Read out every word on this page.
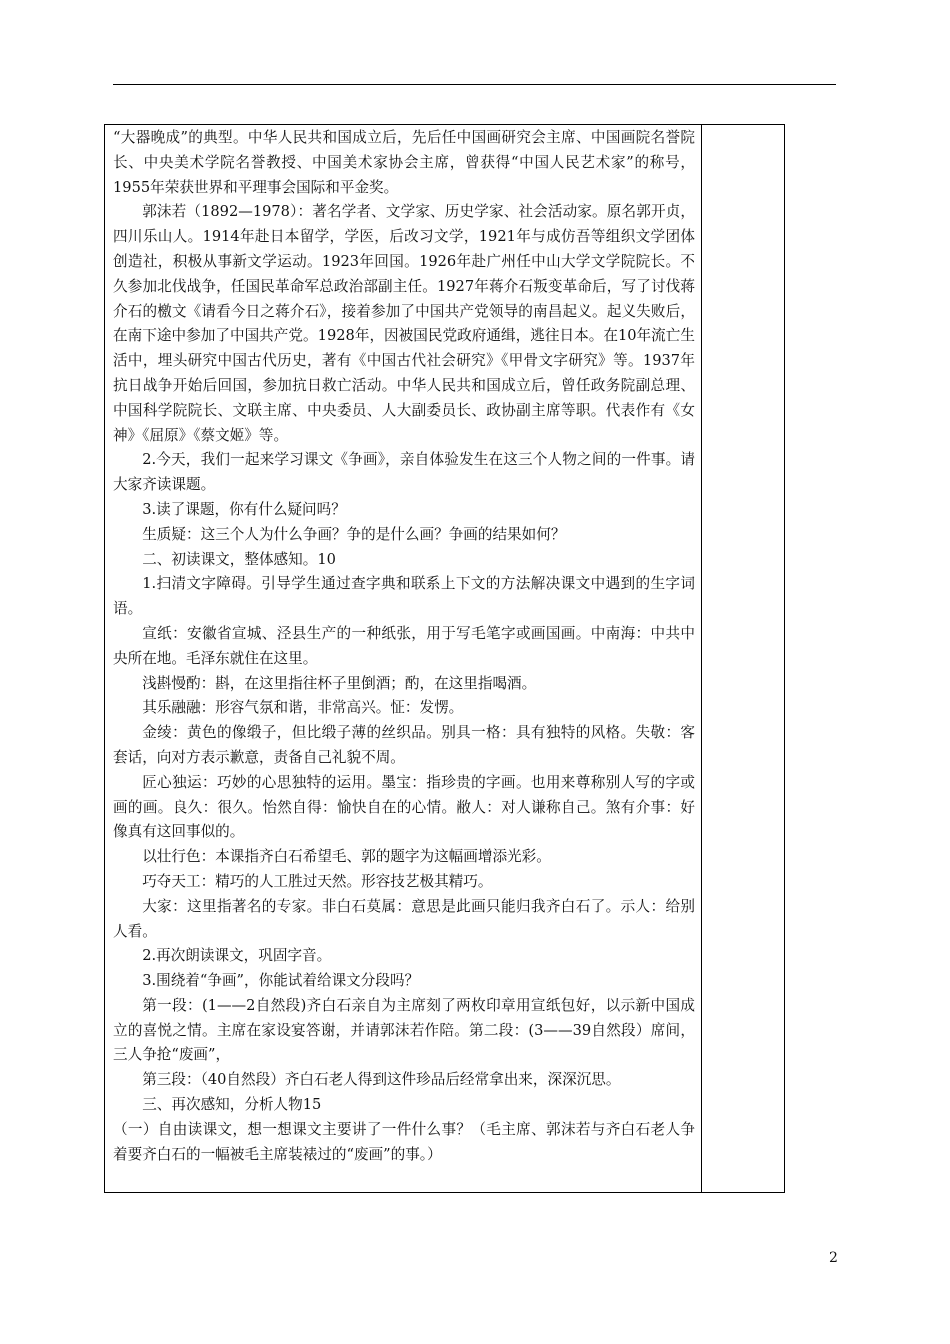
“大器晚成”的典型。中华人民共和国成立后，先后任中国画研究会主席、中国画院名誉院长、中央美术学院名誉教授、中国美术家协会主席，曾获得“中国人民艺术家”的称号，1955年荣获世界和平理事会国际和平金奖。

郭沫若（1892—1978）：著名学者、文学家、历史学家、社会活动家。原名郭开贞，四川乐山人。1914年赴日本留学，学医，后改习文学，1921年与成仿吾等组织文学团体创造社，积极从事新文学运动。1923年回国。1926年赴广州任中山大学文学院院长。不久参加北伐战争，任国民革命军总政治部副主任。1927年蒋介石叛变革命后，写了讨伐蒋介石的檄文《请看今日之蒋介石》，接着参加了中国共产党领导的南昌起义。起义失败后，在南下途中参加了中国共产党。1928年，因被国民党政府通缉，逃往日本。在10年流亡生活中，埋头研究中国古代历史，著有《中国古代社会研究》《甲骨文字研究》等。1937年抗日战争开始后回国，参加抗日救亡活动。中华人民共和国成立后，曾任政务院副总理、中国科学院院长、文联主席、中央委员、人大副委员长、政协副主席等职。代表作有《女神》《屈原》《蔡文姬》等。

2.今天，我们一起来学习课文《争画》，亲自体验发生在这三个人物之间的一件事。请大家齐读课题。

3.读了课题，你有什么疑问吗？

生质疑：这三个人为什么争画？争的是什么画？争画的结果如何？

二、初读课文，整体感知。10

1.扫清文字障碍。引导学生通过查字典和联系上下文的方法解决课文中遇到的生字词语。

宣纸：安徽省宣城、泾县生产的一种纸张，用于写毛笔字或画国画。中南海：中共中央所在地。毛泽东就住在这里。

浅斟慢酌：斟，在这里指往杯子里倒酒；酌，在这里指喝酒。

其乐融融：形容气氛和谐，非常高兴。怔：发愣。

金绫：黄色的像缎子，但比缎子薄的丝织品。别具一格：具有独特的风格。失敬：客套话，向对方表示歉意，责备自己礼貌不周。

匠心独运：巧妙的心思独特的运用。墨宝：指珍贵的字画。也用来尊称别人写的字或画的画。良久：很久。怡然自得：愉快自在的心情。敝人：对人谦称自己。煞有介事：好像真有这回事似的。

以壮行色：本课指齐白石希望毛、郭的题字为这幅画增添光彩。

巧夺天工：精巧的人工胜过天然。形容技艺极其精巧。

大家：这里指著名的专家。非白石莫属：意思是此画只能归我齐白石了。示人：给别人看。

2.再次朗读课文，巩固字音。

3.围绕着“争画”，你能试着给课文分段吗？

第一段：(1——2自然段)齐白石亲自为主席刻了两枚印章用宣纸包好，以示新中国成立的喜悦之情。主席在家设宴答谢，并请郭沫若作陪。第二段：(3——39自然段）席间，三人争抢“废画”，

第三段：（40自然段）齐白石老人得到这件珍品后经常拿出来，深深沉思。

三、再次感知，分析人物15

（一）自由读课文，想一想课文主要讲了一件什么事？（毛主席、郭沫若与齐白石老人争着要齐白石的一幅被毛主席装裱过的“废画”的事。）

2
